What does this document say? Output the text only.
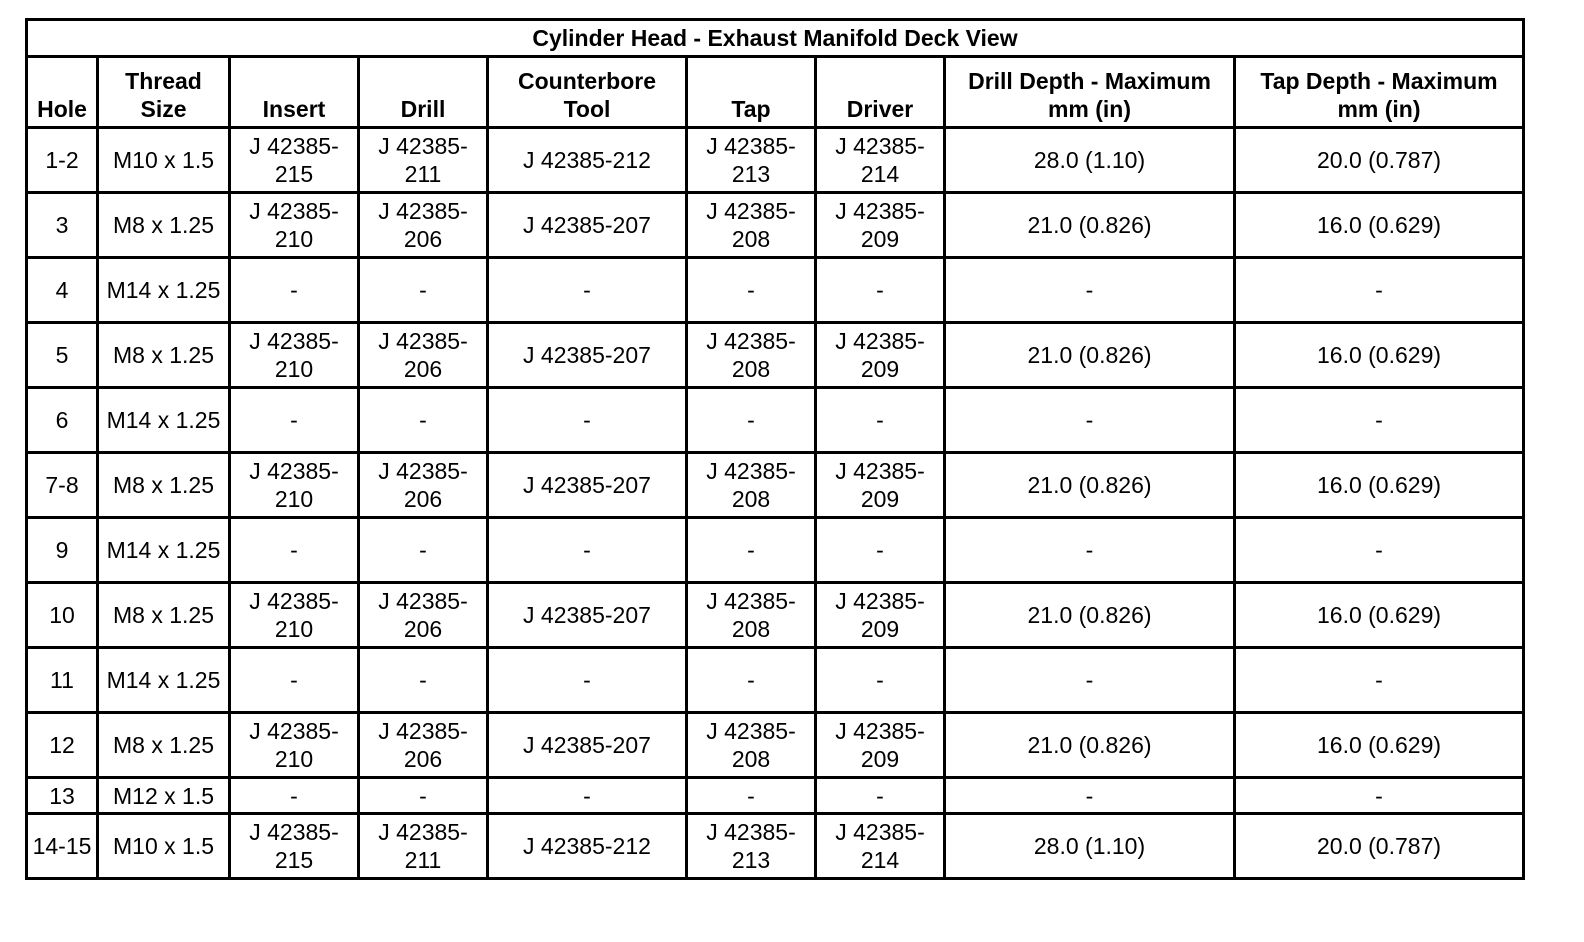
Cylinder Head - Exhaust Manifold Deck View								
Hole	Thread Size	Insert	Drill	Counterbore Tool	Tap	Driver	Drill Depth - Maximum mm (in)	Tap Depth - Maximum mm (in)
1-2	M10 x 1.5	J 42385-215	J 42385-211	J 42385-212	J 42385-213	J 42385-214	28.0 (1.10)	20.0 (0.787)
3	M8 x 1.25	J 42385-210	J 42385-206	J 42385-207	J 42385-208	J 42385-209	21.0 (0.826)	16.0 (0.629)
4	M14 x 1.25	-	-	-	-	-	-	-
5	M8 x 1.25	J 42385-210	J 42385-206	J 42385-207	J 42385-208	J 42385-209	21.0 (0.826)	16.0 (0.629)
6	M14 x 1.25	-	-	-	-	-	-	-
7-8	M8 x 1.25	J 42385-210	J 42385-206	J 42385-207	J 42385-208	J 42385-209	21.0 (0.826)	16.0 (0.629)
9	M14 x 1.25	-	-	-	-	-	-	-
10	M8 x 1.25	J 42385-210	J 42385-206	J 42385-207	J 42385-208	J 42385-209	21.0 (0.826)	16.0 (0.629)
11	M14 x 1.25	-	-	-	-	-	-	-
12	M8 x 1.25	J 42385-210	J 42385-206	J 42385-207	J 42385-208	J 42385-209	21.0 (0.826)	16.0 (0.629)
13	M12 x 1.5	-	-	-	-	-	-	-
14-15	M10 x 1.5	J 42385-215	J 42385-211	J 42385-212	J 42385-213	J 42385-214	28.0 (1.10)	20.0 (0.787)
